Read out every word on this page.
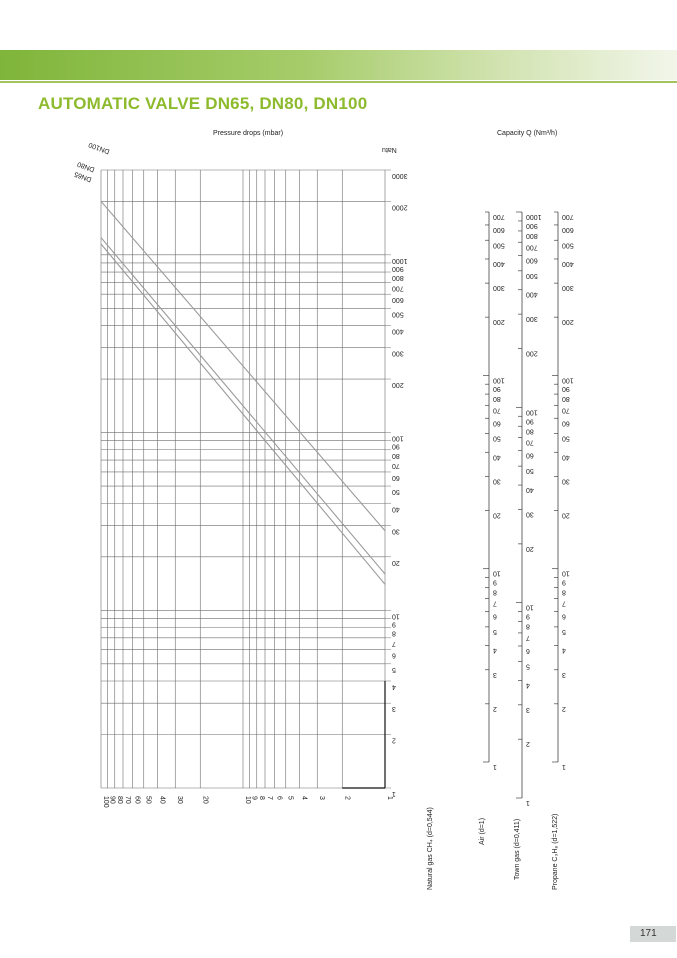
AUTOMATIC VALVE DN65, DN80, DN100
Pressure drops (mbar)	Capacity Q (Nm³/h)
3000
2000
1000
900
800
700
600
500
400
300
200
100
90
80
70
60
50
40
30
20
10
9
8
7
6
5
4
3
2
1
100 90 80 70 60 50 40 30	20	10 9 8 7 6 5 4 3	2	1
Natu
DN100
DN80
DN65
1
2
3
4
5
6
7
8
9
10
20
30
40
50
60
70
80
90
100
200
300
400
500
600
700
1
2
3
4
5
6
7
8
9
10
20
30
40
50
60
70
80
90
100
200
300
400
500
600
700
800
900
1000
1
2
3
4
5
6
7
8
9
10
20
30
40
50
60
70
80
90
100
200
300
400
500
600
700
Natural gas CH₄ (d=0,544)	Air (d=1)	Town gas (d=0,411)	Propane C₃H₈ (d=1,522)
171
